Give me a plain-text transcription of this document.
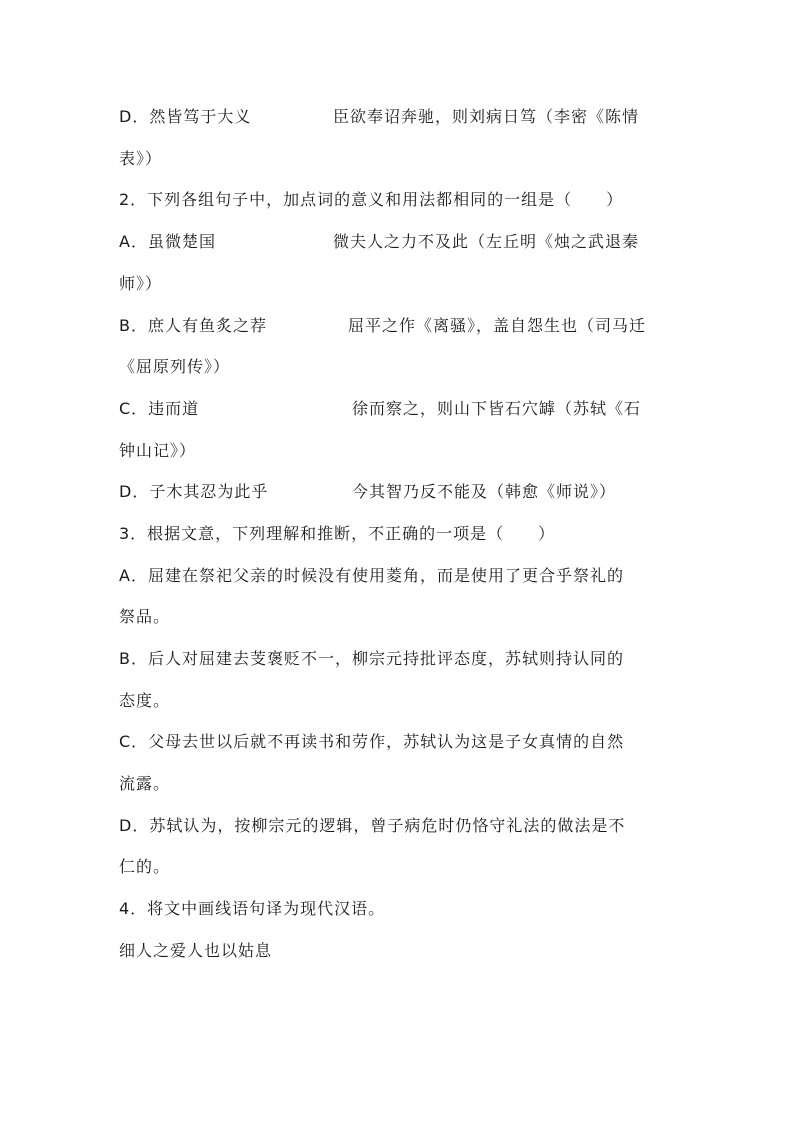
D．然皆笃于大义	臣欲奉诏奔驰，则刘病日笃（李密《陈情
表》）
2．下列各组句子中，加点词的意义和用法都相同的一组是（　　）
A．虽微楚国	微夫人之力不及此（左丘明《烛之武退秦
师》）
B．庶人有鱼炙之荐	屈平之作《离骚》，盖自怨生也（司马迁
《屈原列传》）
C．违而道	徐而察之，则山下皆石穴罅（苏轼《石
钟山记》）
D．子木其忍为此乎	今其智乃反不能及（韩愈《师说》）
3．根据文意，下列理解和推断，不正确的一项是（　　）
A．屈建在祭祀父亲的时候没有使用菱角，而是使用了更合乎祭礼的
祭品。
B．后人对屈建去芰褒贬不一，柳宗元持批评态度，苏轼则持认同的
态度。
C．父母去世以后就不再读书和劳作，苏轼认为这是子女真情的自然
流露。
D．苏轼认为，按柳宗元的逻辑，曾子病危时仍恪守礼法的做法是不
仁的。
4．将文中画线语句译为现代汉语。
细人之爱人也以姑息
